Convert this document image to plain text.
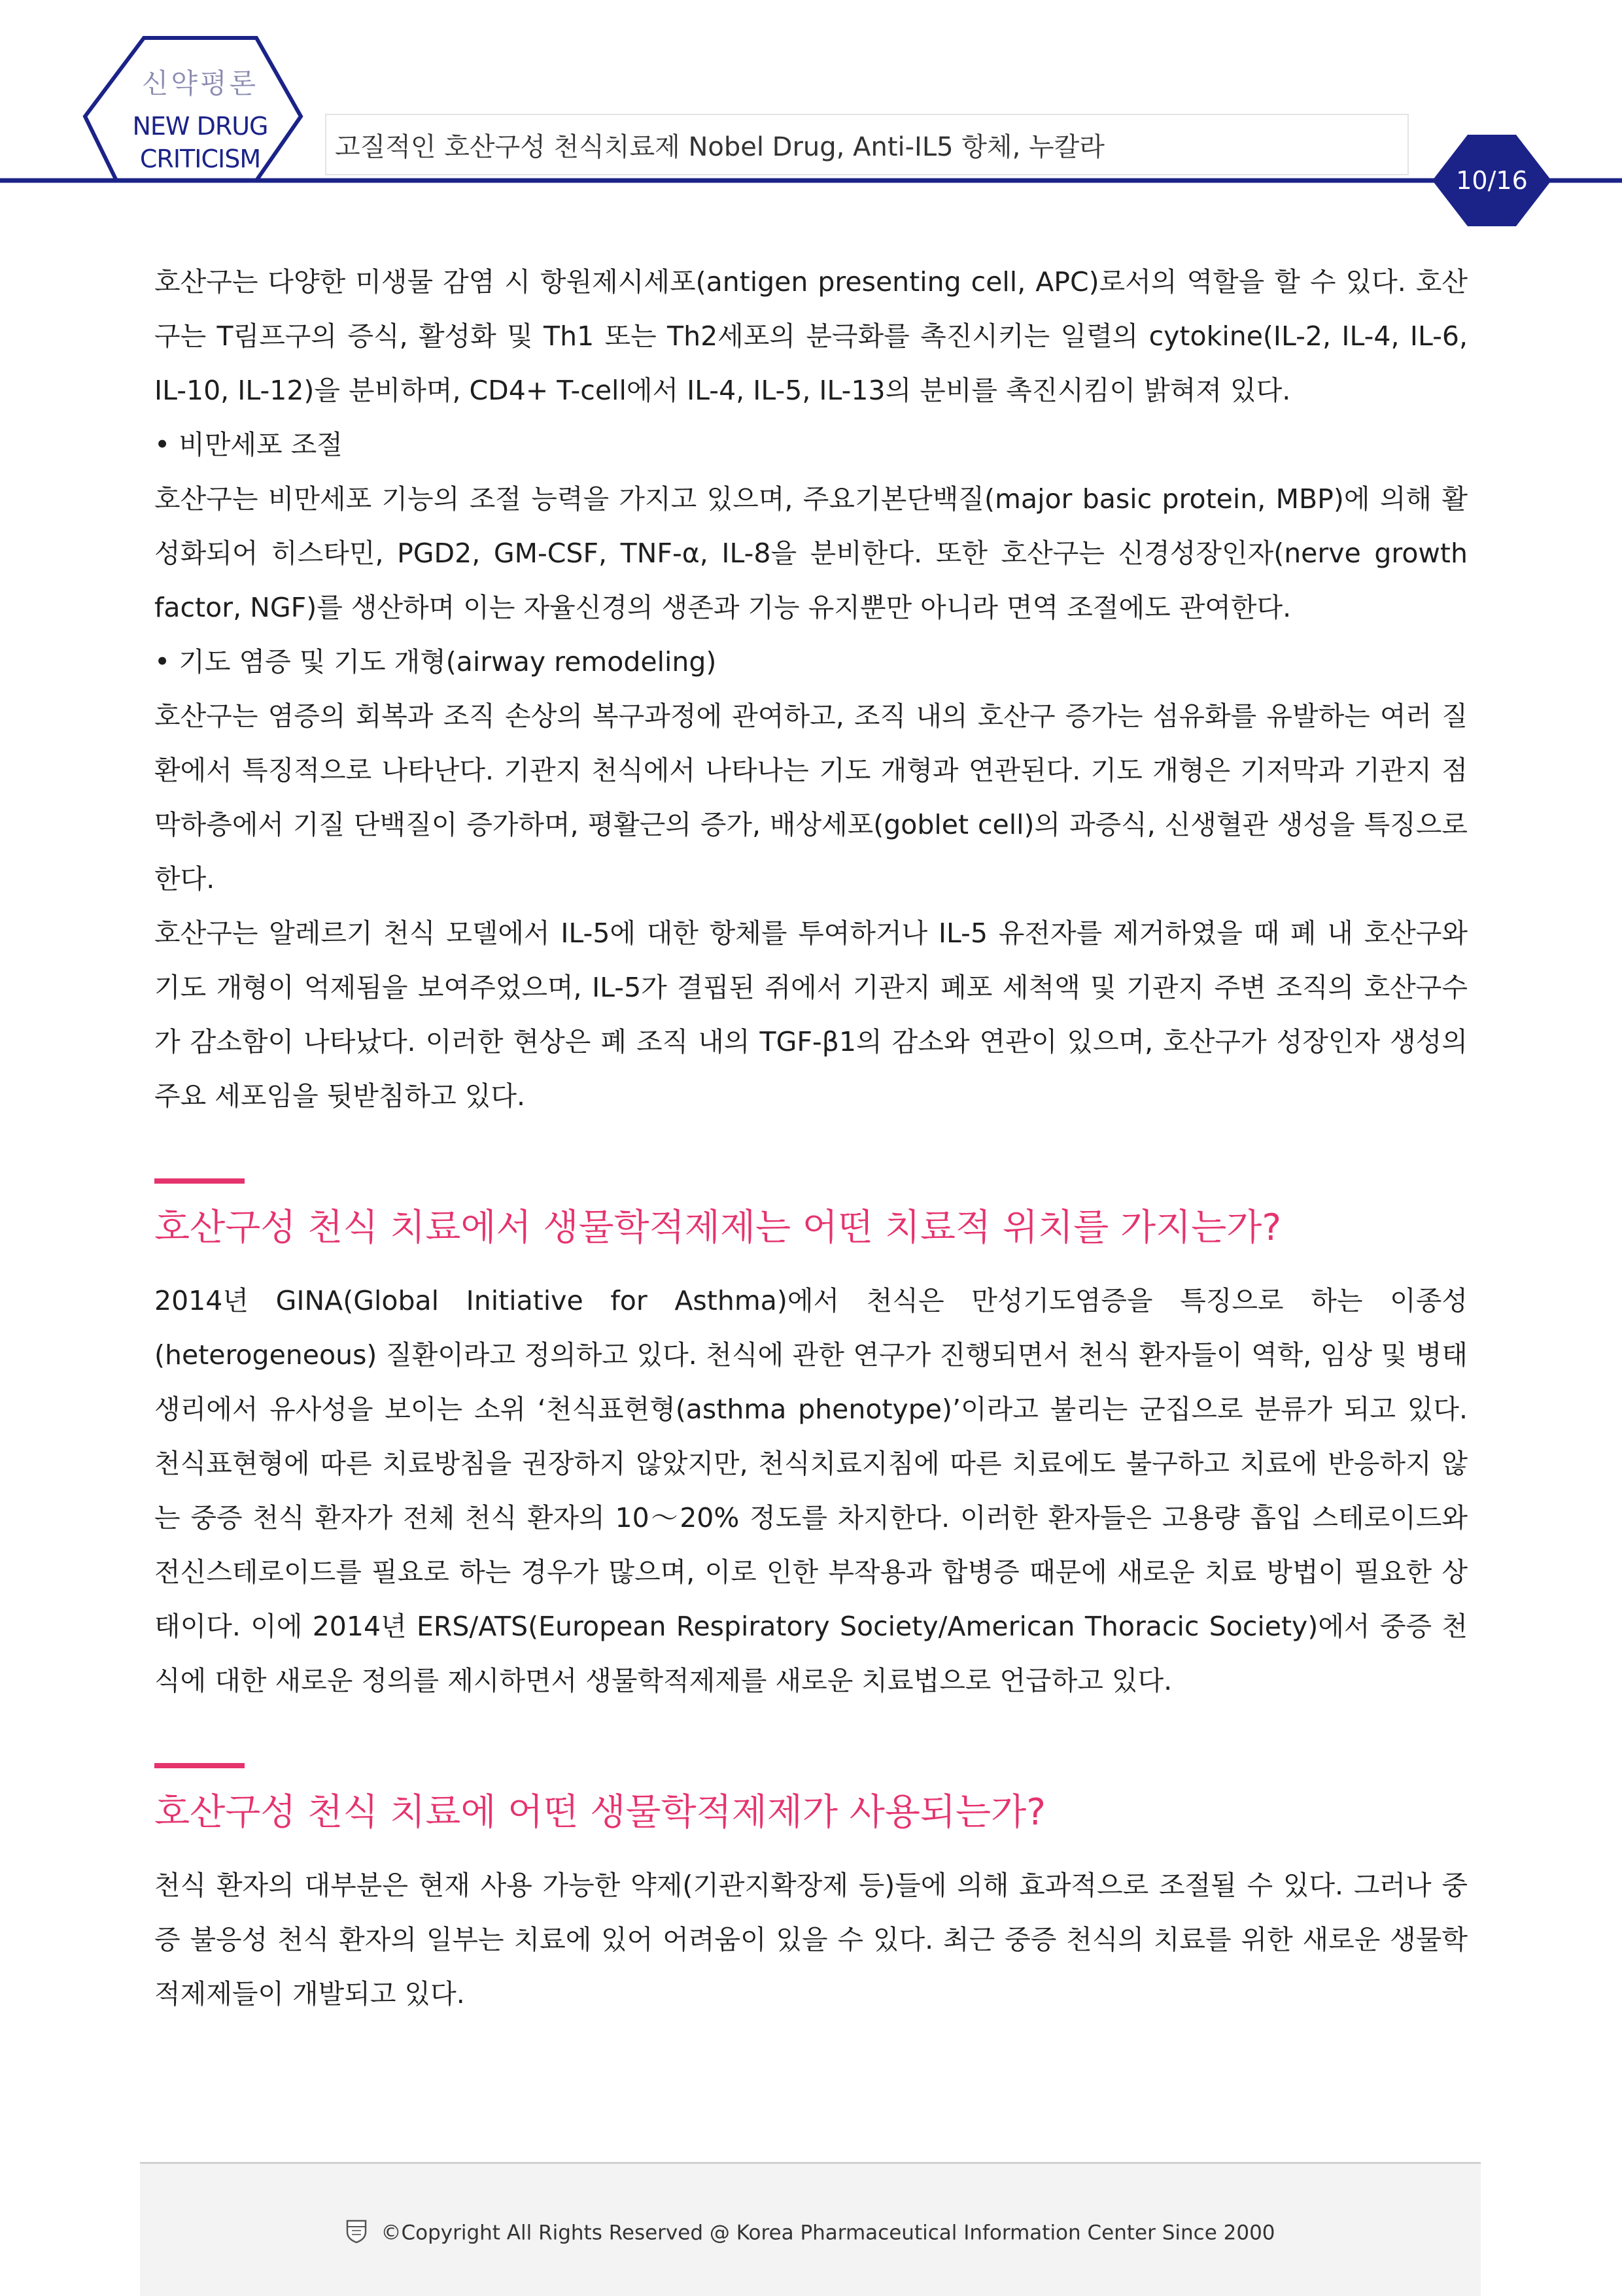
신약평론
NEW DRUG
CRITICISM	고질적인 호산구성 천식치료제 Nobel Drug, Anti-IL5 항체, 누칼라
10/16

호산구는 다양한 미생물 감염 시 항원제시세포(antigen presenting cell, APC)로서의 역할을 할 수 있다. 호산구는 T림프구의 증식, 활성화 및 Th1 또는 Th2세포의 분극화를 촉진시키는 일렬의 cytokine(IL-2, IL-4, IL-6, IL-10, IL-12)을 분비하며, CD4+ T-cell에서 IL-4, IL-5, IL-13의 분비를 촉진시킴이 밝혀져 있다.

• 비만세포 조절

호산구는 비만세포 기능의 조절 능력을 가지고 있으며, 주요기본단백질(major basic protein, MBP)에 의해 활성화되어 히스타민, PGD2, GM-CSF, TNF-α, IL-8을 분비한다. 또한 호산구는 신경성장인자(nerve growth factor, NGF)를 생산하며 이는 자율신경의 생존과 기능 유지뿐만 아니라 면역 조절에도 관여한다.

• 기도 염증 및 기도 개형(airway remodeling)

호산구는 염증의 회복과 조직 손상의 복구과정에 관여하고, 조직 내의 호산구 증가는 섬유화를 유발하는 여러 질환에서 특징적으로 나타난다. 기관지 천식에서 나타나는 기도 개형과 연관된다. 기도 개형은 기저막과 기관지 점막하층에서 기질 단백질이 증가하며, 평활근의 증가, 배상세포(goblet cell)의 과증식, 신생혈관 생성을 특징으로 한다.

호산구는 알레르기 천식 모델에서 IL-5에 대한 항체를 투여하거나 IL-5 유전자를 제거하였을 때 폐 내 호산구와 기도 개형이 억제됨을 보여주었으며, IL-5가 결핍된 쥐에서 기관지 폐포 세척액 및 기관지 주변 조직의 호산구수가 감소함이 나타났다. 이러한 현상은 폐 조직 내의 TGF-β1의 감소와 연관이 있으며, 호산구가 성장인자 생성의 주요 세포임을 뒷받침하고 있다.

호산구성 천식 치료에서 생물학적제제는 어떤 치료적 위치를 가지는가?

2014년 GINA(Global Initiative for Asthma)에서 천식은 만성기도염증을 특징으로 하는 이종성(heterogeneous) 질환이라고 정의하고 있다. 천식에 관한 연구가 진행되면서 천식 환자들이 역학, 임상 및 병태생리에서 유사성을 보이는 소위 ‘천식표현형(asthma phenotype)’이라고 불리는 군집으로 분류가 되고 있다. 천식표현형에 따른 치료방침을 권장하지 않았지만, 천식치료지침에 따른 치료에도 불구하고 치료에 반응하지 않는 중증 천식 환자가 전체 천식 환자의 10～20% 정도를 차지한다. 이러한 환자들은 고용량 흡입 스테로이드와 전신스테로이드를 필요로 하는 경우가 많으며, 이로 인한 부작용과 합병증 때문에 새로운 치료 방법이 필요한 상태이다. 이에 2014년 ERS/ATS(European Respiratory Society/American Thoracic Society)에서 중증 천식에 대한 새로운 정의를 제시하면서 생물학적제제를 새로운 치료법으로 언급하고 있다.

호산구성 천식 치료에 어떤 생물학적제제가 사용되는가?

천식 환자의 대부분은 현재 사용 가능한 약제(기관지확장제 등)들에 의해 효과적으로 조절될 수 있다. 그러나 중증 불응성 천식 환자의 일부는 치료에 있어 어려움이 있을 수 있다. 최근 중증 천식의 치료를 위한 새로운 생물학적제제들이 개발되고 있다.

©Copyright All Rights Reserved @ Korea Pharmaceutical Information Center Since 2000
